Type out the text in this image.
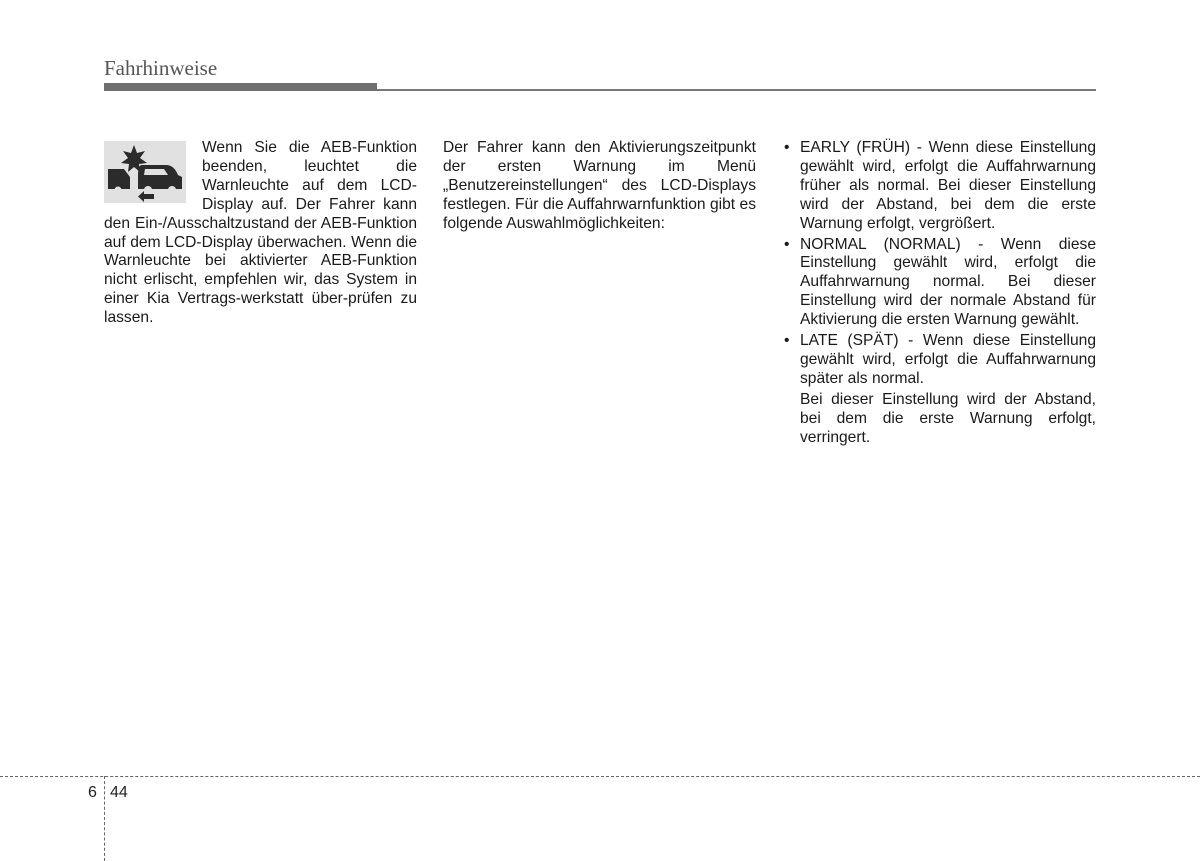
Fahrhinweise

Wenn Sie die AEB-Funktion beenden, leuchtet die Warnleuchte auf dem LCD-Display auf. Der Fahrer kann den Ein-/Ausschaltzustand der AEB-Funktion auf dem LCD-Display überwachen. Wenn die Warnleuchte bei aktivierter AEB-Funktion nicht erlischt, empfehlen wir, das System in einer Kia Vertrags-werkstatt über-prüfen zu lassen.

Der Fahrer kann den Aktivierungszeitpunkt der ersten Warnung im Menü „Benutzereinstellungen“ des LCD-Displays festlegen. Für die Auffahrwarnfunktion gibt es folgende Auswahlmöglichkeiten:

• EARLY (FRÜH) - Wenn diese Einstellung gewählt wird, erfolgt die Auffahrwarnung früher als normal. Bei dieser Einstellung wird der Abstand, bei dem die erste Warnung erfolgt, vergrößert.
• NORMAL (NORMAL) - Wenn diese Einstellung gewählt wird, erfolgt die Auffahrwarnung normal. Bei dieser Einstellung wird der normale Abstand für Aktivierung die ersten Warnung gewählt.
• LATE (SPÄT) - Wenn diese Einstellung gewählt wird, erfolgt die Auffahrwarnung später als normal.

Bei dieser Einstellung wird der Abstand, bei dem die erste Warnung erfolgt, verringert.

6 44
